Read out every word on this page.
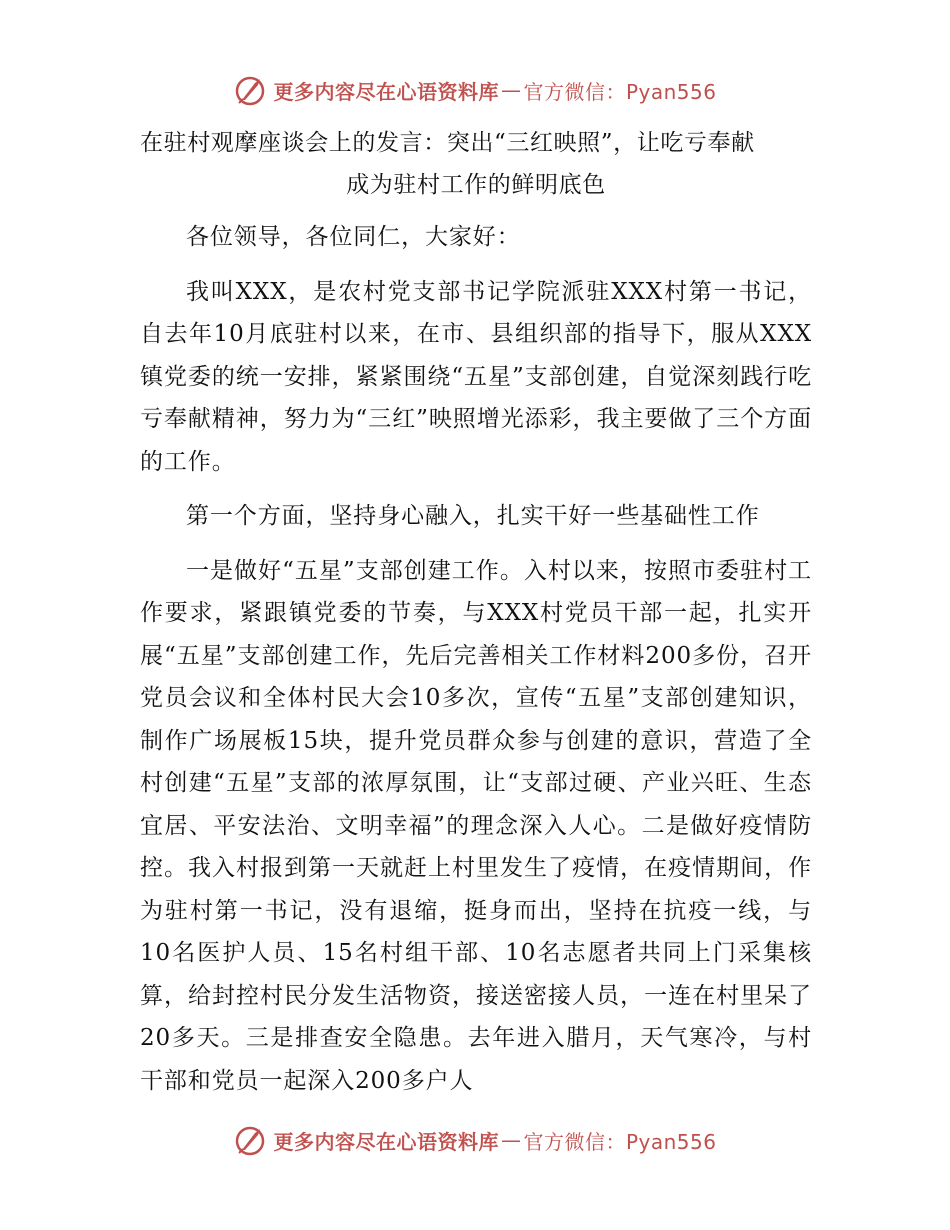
更多内容尽在心语资料库 — 官方微信：Pyan556

在驻村观摩座谈会上的发言：突出“三红映照”，让吃亏奉献
成为驻村工作的鲜明底色

各位领导，各位同仁，大家好：

我叫XXX，是农村党支部书记学院派驻XXX村第一书记，自去年10月底驻村以来，在市、县组织部的指导下，服从XXX镇党委的统一安排，紧紧围绕“五星”支部创建，自觉深刻践行吃亏奉献精神，努力为“三红”映照增光添彩，我主要做了三个方面的工作。

第一个方面，坚持身心融入，扎实干好一些基础性工作

一是做好“五星”支部创建工作。入村以来，按照市委驻村工作要求，紧跟镇党委的节奏，与XXX村党员干部一起，扎实开展“五星”支部创建工作，先后完善相关工作材料200多份，召开党员会议和全体村民大会10多次，宣传“五星”支部创建知识，制作广场展板15块，提升党员群众参与创建的意识，营造了全村创建“五星”支部的浓厚氛围，让“支部过硬、产业兴旺、生态宜居、平安法治、文明幸福”的理念深入人心。二是做好疫情防控。我入村报到第一天就赶上村里发生了疫情，在疫情期间，作为驻村第一书记，没有退缩，挺身而出，坚持在抗疫一线，与10名医护人员、15名村组干部、10名志愿者共同上门采集核算，给封控村民分发生活物资，接送密接人员，一连在村里呆了20多天。三是排查安全隐患。去年进入腊月，天气寒冷，与村干部和党员一起深入200多户人

更多内容尽在心语资料库 — 官方微信：Pyan556
